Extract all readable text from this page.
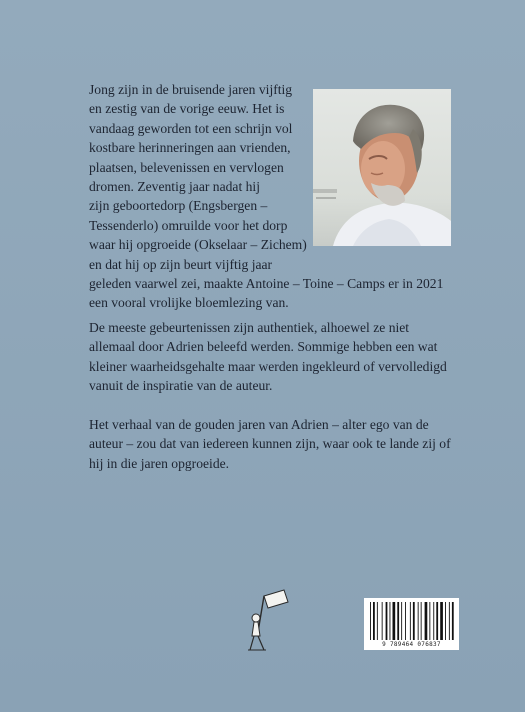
Jong zijn in de bruisende jaren vijftig
en zestig van de vorige eeuw. Het is
vandaag geworden tot een schrijn vol
kostbare herinneringen aan vrienden,
plaatsen, belevenissen en vervlogen
dromen. Zeventig jaar nadat hij
zijn geboortedorp (Engsbergen –
Tessenderlo) omruilde voor het dorp
waar hij opgroeide (Okselaar – Zichem)
en dat hij op zijn beurt vijftig jaar
geleden vaarwel zei, maakte Antoine – Toine – Camps er in 2021
een vooral vrolijke bloemlezing van.
De meeste gebeurtenissen zijn authentiek, alhoewel ze niet
allemaal door Adrien beleefd werden. Sommige hebben een wat
kleiner waarheidsgehalte maar werden ingekleurd of vervolledigd
vanuit de inspiratie van de auteur.
Het verhaal van de gouden jaren van Adrien – alter ego van de
auteur – zou dat van iedereen kunnen zijn, waar ook te lande zij of
hij in die jaren opgroeide.
9 789464 076837
